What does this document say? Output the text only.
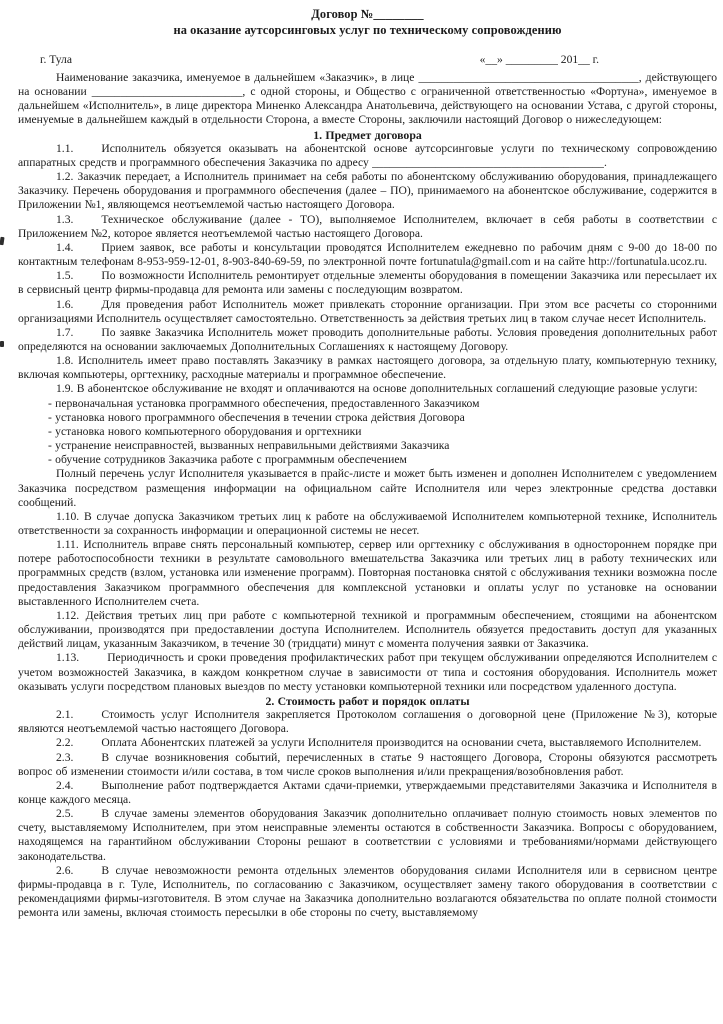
Договор №________
на оказание аутсорсинговых услуг по техническому сопровождению
г. Тула	«__» _________ 201__ г.
Наименование заказчика, именуемое в дальнейшем «Заказчик», в лице ______________________________________, действующего на основании __________________________, с одной стороны, и Общество с ограниченной ответственностью «Фортуна», именуемое в дальнейшем «Исполнитель», в лице директора Миненко Александра Анатольевича, действующего на основании Устава, с другой стороны, именуемые в дальнейшем каждый в отдельности Сторона, а вместе Стороны, заключили настоящий Договор о нижеследующем:
1. Предмет договора
1.1. Исполнитель обязуется оказывать на абонентской основе аутсорсинговые услуги по техническому сопровождению аппаратных средств и программного обеспечения Заказчика по адресу ________________________________________.
1.2. Заказчик передает, а Исполнитель принимает на себя работы по абонентскому обслуживанию оборудования, принадлежащего Заказчику. Перечень оборудования и программного обеспечения (далее – ПО), принимаемого на абонентское обслуживание, содержится в Приложении №1, являющемся неотъемлемой частью настоящего Договора.
1.3. Техническое обслуживание (далее - ТО), выполняемое Исполнителем, включает в себя работы в соответствии с Приложением №2, которое является неотъемлемой частью настоящего Договора.
1.4. Прием заявок, все работы и консультации проводятся Исполнителем ежедневно по рабочим дням с 9-00 до 18-00 по контактным телефонам 8-953-959-12-01, 8-903-840-69-59, по электронной почте fortunatula@gmail.com и на сайте http://fortunatula.ucoz.ru.
1.5. По возможности Исполнитель ремонтирует отдельные элементы оборудования в помещении Заказчика или пересылает их в сервисный центр фирмы-продавца для ремонта или замены с последующим возвратом.
1.6. Для проведения работ Исполнитель может привлекать сторонние организации. При этом все расчеты со сторонними организациями Исполнитель осуществляет самостоятельно. Ответственность за действия третьих лиц в таком случае несет Исполнитель.
1.7. По заявке Заказчика Исполнитель может проводить дополнительные работы. Условия проведения дополнительных работ определяются на основании заключаемых Дополнительных Соглашениях к настоящему Договору.
1.8. Исполнитель имеет право поставлять Заказчику в рамках настоящего договора, за отдельную плату, компьютерную технику, включая компьютеры, оргтехнику, расходные материалы и программное обеспечение.
1.9. В абонентское обслуживание не входят и оплачиваются на основе дополнительных соглашений следующие разовые услуги:
- первоначальная установка программного обеспечения, предоставленного Заказчиком
- установка нового программного обеспечения в течении строка действия Договора
- установка нового компьютерного оборудования и оргтехники
- устранение неисправностей, вызванных неправильными действиями Заказчика
- обучение сотрудников Заказчика работе с программным обеспечением
Полный перечень услуг Исполнителя указывается в прайс-листе и может быть изменен и дополнен Исполнителем с уведомлением Заказчика посредством размещения информации на официальном сайте Исполнителя или через электронные средства доставки сообщений.
1.10. В случае допуска Заказчиком третьих лиц к работе на обслуживаемой Исполнителем компьютерной технике, Исполнитель ответственности за сохранность информации и операционной системы не несет.
1.11. Исполнитель вправе снять персональный компьютер, сервер или оргтехнику с обслуживания в одностороннем порядке при потере работоспособности техники в результате самовольного вмешательства Заказчика или третьих лиц в работу технических или программных средств (взлом, установка или изменение программ). Повторная постановка снятой с обслуживания техники возможна после предоставления Заказчиком программного обеспечения для комплексной установки и оплаты услуг по установке на основании выставленного Исполнителем счета.
1.12. Действия третьих лиц при работе с компьютерной техникой и программным обеспечением, стоящими на абонентском обслуживании, производятся при предоставлении доступа Исполнителем. Исполнитель обязуется предоставить доступ для указанных действий лицам, указанным Заказчиком, в течение 30 (тридцати) минут с момента получения заявки от Заказчика.
1.13. Периодичность и сроки проведения профилактических работ при текущем обслуживании определяются Исполнителем с учетом возможностей Заказчика, в каждом конкретном случае в зависимости от типа и состояния оборудования. Исполнитель может оказывать услуги посредством плановых выездов по месту установки компьютерной техники или посредством удаленного доступа.
2. Стоимость работ и порядок оплаты
2.1. Стоимость услуг Исполнителя закрепляется Протоколом соглашения о договорной цене (Приложение №3), которые являются неотъемлемой частью настоящего Договора.
2.2. Оплата Абонентских платежей за услуги Исполнителя производится на основании счета, выставляемого Исполнителем.
2.3. В случае возникновения событий, перечисленных в статье 9 настоящего Договора, Стороны обязуются рассмотреть вопрос об изменении стоимости и/или состава, в том числе сроков выполнения и/или прекращения/возобновления работ.
2.4. Выполнение работ подтверждается Актами сдачи-приемки, утверждаемыми представителями Заказчика и Исполнителя в конце каждого месяца.
2.5. В случае замены элементов оборудования Заказчик дополнительно оплачивает полную стоимость новых элементов по счету, выставляемому Исполнителем, при этом неисправные элементы остаются в собственности Заказчика. Вопросы с оборудованием, находящемся на гарантийном обслуживании Стороны решают в соответствии с условиями и требованиями/нормами действующего законодательства.
2.6. В случае невозможности ремонта отдельных элементов оборудования силами Исполнителя или в сервисном центре фирмы-продавца в г. Туле, Исполнитель, по согласованию с Заказчиком, осуществляет замену такого оборудования в соответствии с рекомендациями фирмы-изготовителя. В этом случае на Заказчика дополнительно возлагаются обязательства по оплате полной стоимости ремонта или замены, включая стоимость пересылки в обе стороны по счету, выставляемому
